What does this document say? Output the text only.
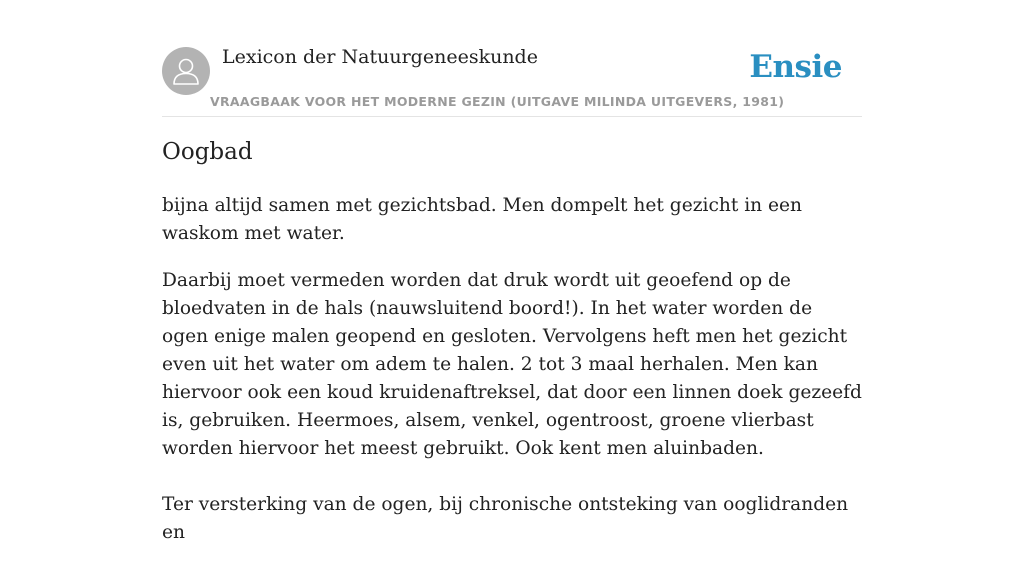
Lexicon der Natuurgeneeskunde
VRAAGBAAK VOOR HET MODERNE GEZIN (UITGAVE MILINDA UITGEVERS, 1981)
Ensie
Oogbad

bijna altijd samen met gezichtsbad. Men dompelt het gezicht in een waskom met water.

Daarbij moet vermeden worden dat druk wordt uit geoefend op de bloedvaten in de hals (nauwsluitend boord!). In het water worden de ogen enige malen geopend en gesloten. Vervolgens heft men het gezicht even uit het water om adem te halen. 2 tot 3 maal herhalen. Men kan hiervoor ook een koud kruidenaftreksel, dat door een linnen doek gezeefd is, gebruiken. Heermoes, alsem, venkel, ogentroost, groene vlierbast worden hiervoor het meest gebruikt. Ook kent men aluinbaden.

Ter versterking van de ogen, bij chronische ontsteking van ooglidranden en
